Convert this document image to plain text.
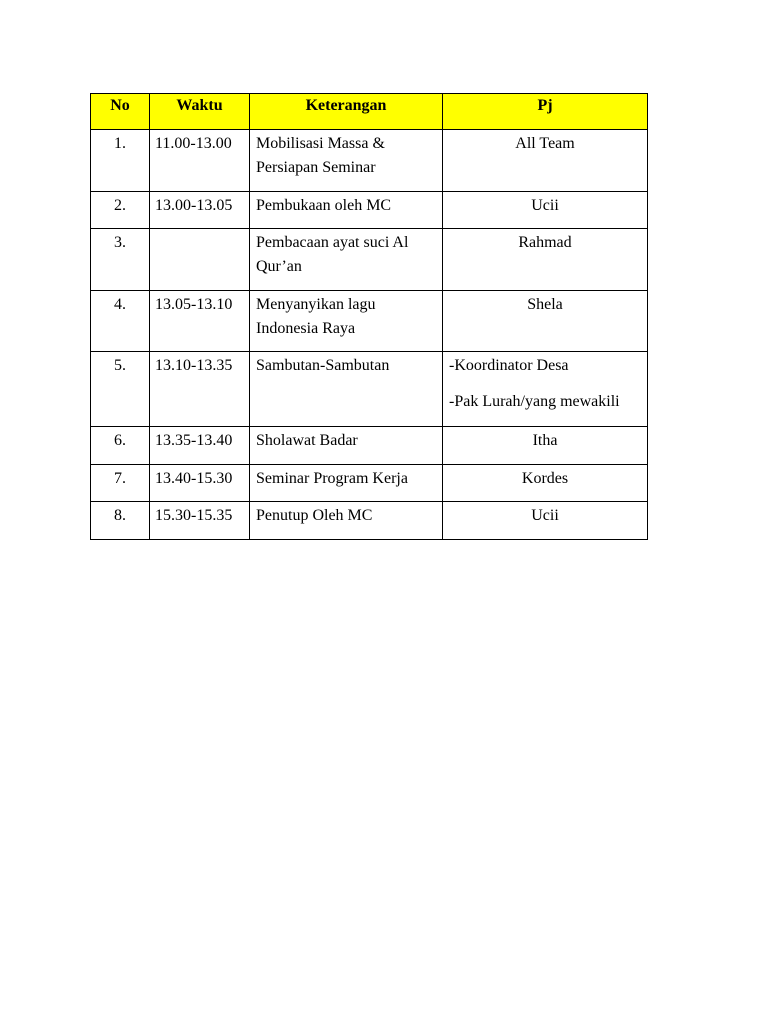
No	Waktu	Keterangan	Pj
1.	11.00-13.00	Mobilisasi Massa & Persiapan Seminar	All Team

2.	13.00-13.05	Pembukaan oleh MC	Ucii

3.		Pembacaan ayat suci Al Qur’an	Rahmad

4.	13.05-13.10	Menyanyikan lagu Indonesia Raya	Shela

5.	13.10-13.35	Sambutan-Sambutan	-Koordinator Desa
-Pak Lurah/yang mewakili

6.	13.35-13.40	Sholawat Badar	Itha

7.	13.40-15.30	Seminar Program Kerja	Kordes

8.	15.30-15.35	Penutup Oleh MC	Ucii
